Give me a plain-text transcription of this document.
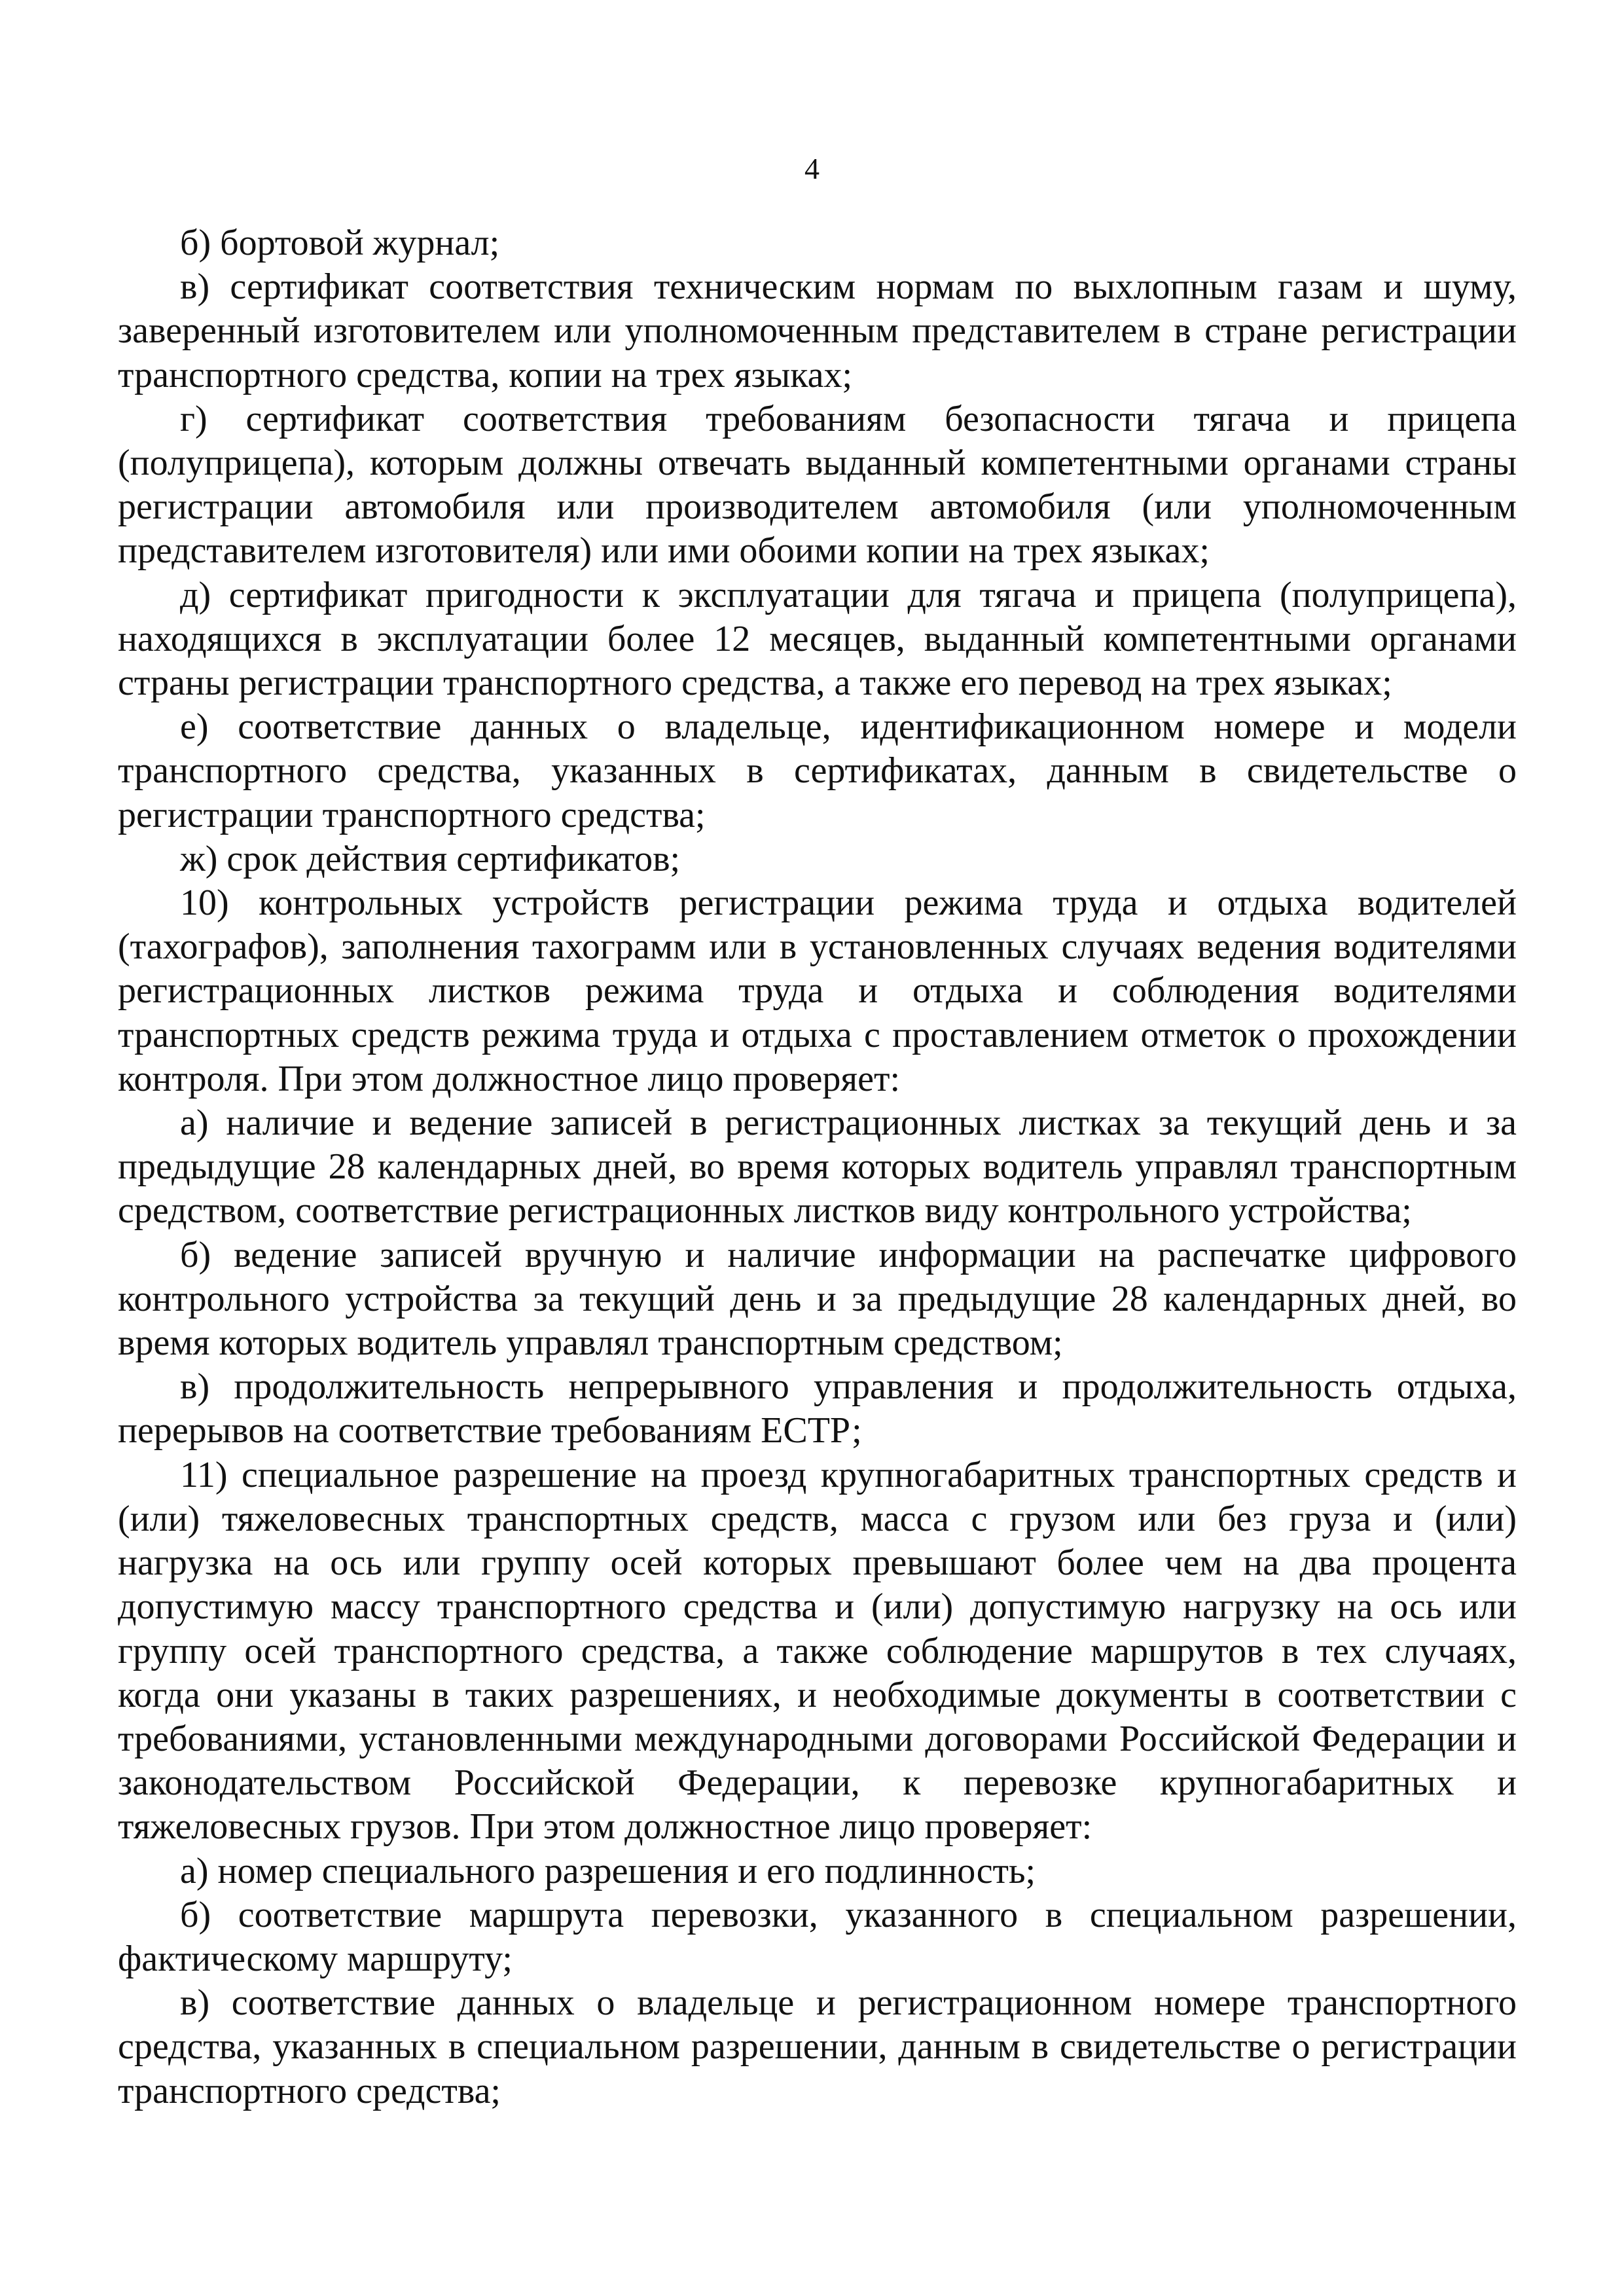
4

б) бортовой журнал;

в) сертификат соответствия техническим нормам по выхлопным газам и шуму, заверенный изготовителем или уполномоченным представителем в стране регистрации транспортного средства, копии на трех языках;

г) сертификат соответствия требованиям безопасности тягача и прицепа (полуприцепа), которым должны отвечать выданный компетентными органами страны регистрации автомобиля или производителем автомобиля (или уполномоченным представителем изготовителя) или ими обоими копии на трех языках;

д) сертификат пригодности к эксплуатации для тягача и прицепа (полуприцепа), находящихся в эксплуатации более 12 месяцев, выданный компетентными органами страны регистрации транспортного средства, а также его перевод на трех языках;

е) соответствие данных о владельце, идентификационном номере и модели транспортного средства, указанных в сертификатах, данным в свидетельстве о регистрации транспортного средства;

ж) срок действия сертификатов;

10) контрольных устройств регистрации режима труда и отдыха водителей (тахографов), заполнения тахограмм или в установленных случаях ведения водителями регистрационных листков режима труда и отдыха и соблюдения водителями транспортных средств режима труда и отдыха с проставлением отметок о прохождении контроля. При этом должностное лицо проверяет:

а) наличие и ведение записей в регистрационных листках за текущий день и за предыдущие 28 календарных дней, во время которых водитель управлял транспортным средством, соответствие регистрационных листков виду контрольного устройства;

б) ведение записей вручную и наличие информации на распечатке цифрового контрольного устройства за текущий день и за предыдущие 28 календарных дней, во время которых водитель управлял транспортным средством;

в) продолжительность непрерывного управления и продолжительность отдыха, перерывов на соответствие требованиям ЕСТР;

11) специальное разрешение на проезд крупногабаритных транспортных средств и (или) тяжеловесных транспортных средств, масса с грузом или без груза и (или) нагрузка на ось или группу осей которых превышают более чем на два процента допустимую массу транспортного средства и (или) допустимую нагрузку на ось или группу осей транспортного средства, а также соблюдение маршрутов в тех случаях, когда они указаны в таких разрешениях, и необходимые документы в соответствии с требованиями, установленными международными договорами Российской Федерации и законодательством Российской Федерации, к перевозке крупногабаритных и тяжеловесных грузов. При этом должностное лицо проверяет:

а) номер специального разрешения и его подлинность;

б) соответствие маршрута перевозки, указанного в специальном разрешении, фактическому маршруту;

в) соответствие данных о владельце и регистрационном номере транспортного средства, указанных в специальном разрешении, данным в свидетельстве о регистрации транспортного средства;
